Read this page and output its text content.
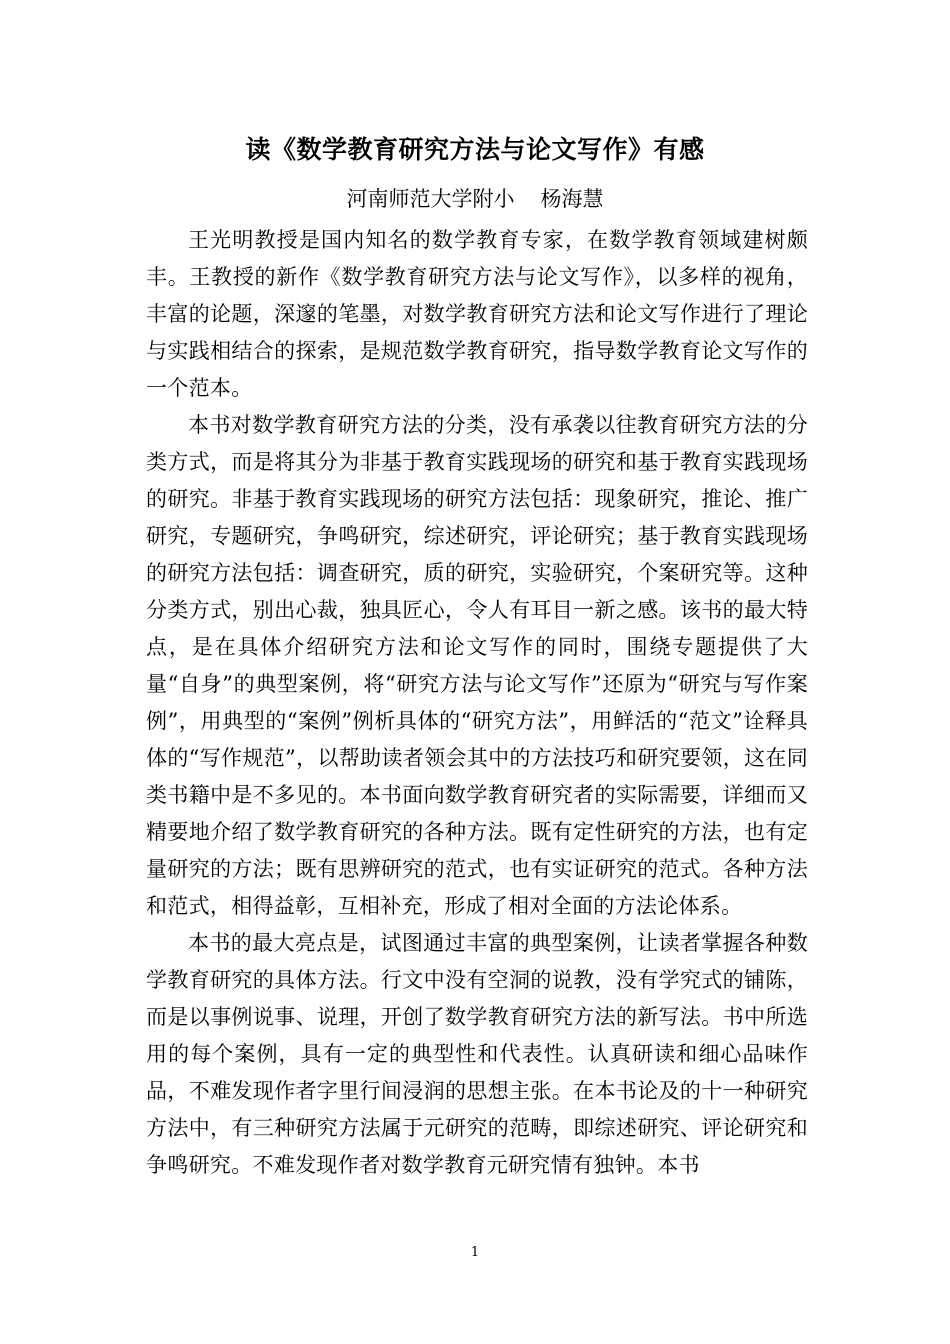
读《数学教育研究方法与论文写作》有感
河南师范大学附小 杨海慧

王光明教授是国内知名的数学教育专家，在数学教育领域建树颇丰。王教授的新作《数学教育研究方法与论文写作》，以多样的视角，丰富的论题，深邃的笔墨，对数学教育研究方法和论文写作进行了理论与实践相结合的探索，是规范数学教育研究，指导数学教育论文写作的一个范本。

本书对数学教育研究方法的分类，没有承袭以往教育研究方法的分类方式，而是将其分为非基于教育实践现场的研究和基于教育实践现场的研究。非基于教育实践现场的研究方法包括：现象研究，推论、推广研究，专题研究，争鸣研究，综述研究，评论研究；基于教育实践现场的研究方法包括：调查研究，质的研究，实验研究，个案研究等。这种分类方式，别出心裁，独具匠心，令人有耳目一新之感。该书的最大特点，是在具体介绍研究方法和论文写作的同时，围绕专题提供了大量“自身”的典型案例，将“研究方法与论文写作”还原为“研究与写作案例”，用典型的“案例”例析具体的“研究方法”，用鲜活的“范文”诠释具体的“写作规范”，以帮助读者领会其中的方法技巧和研究要领，这在同类书籍中是不多见的。本书面向数学教育研究者的实际需要，详细而又精要地介绍了数学教育研究的各种方法。既有定性研究的方法，也有定量研究的方法；既有思辨研究的范式，也有实证研究的范式。各种方法和范式，相得益彰，互相补充，形成了相对全面的方法论体系。

本书的最大亮点是，试图通过丰富的典型案例，让读者掌握各种数学教育研究的具体方法。行文中没有空洞的说教，没有学究式的铺陈，而是以事例说事、说理，开创了数学教育研究方法的新写法。书中所选用的每个案例，具有一定的典型性和代表性。认真研读和细心品味作品，不难发现作者字里行间浸润的思想主张。在本书论及的十一种研究方法中，有三种研究方法属于元研究的范畴，即综述研究、评论研究和争鸣研究。不难发现作者对数学教育元研究情有独钟。本书

1
